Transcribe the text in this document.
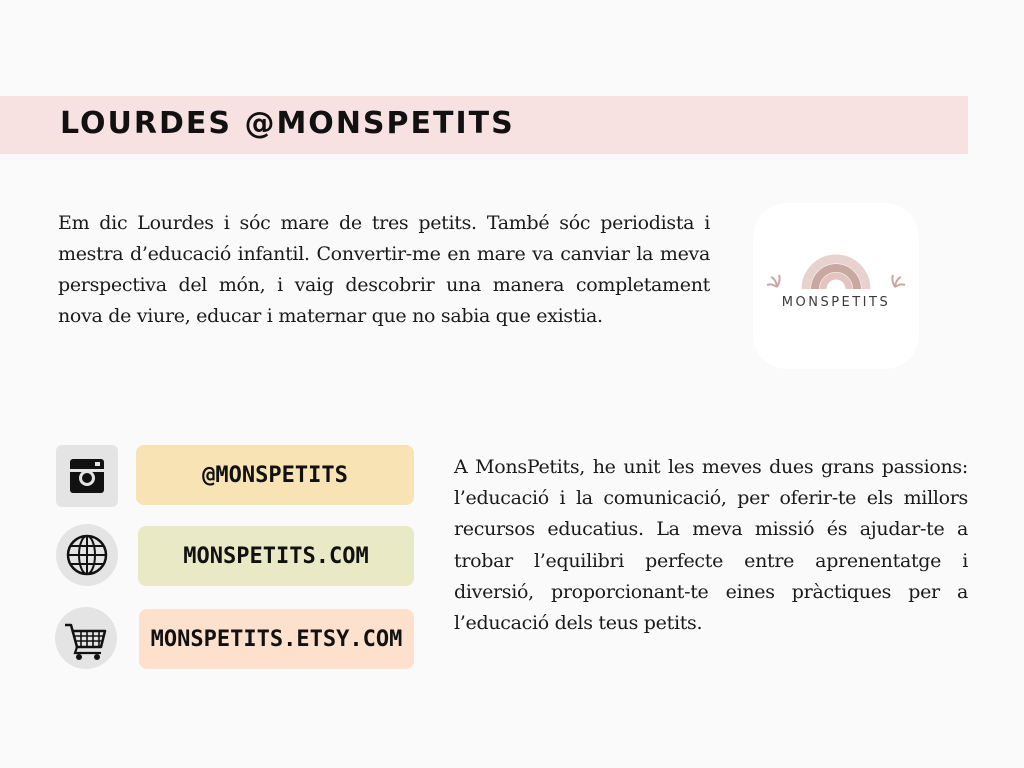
LOURDES @MONSPETITS

Em dic Lourdes i sóc mare de tres petits. També sóc periodista i mestra d’educació infantil. Convertir-me en mare va canviar la meva perspectiva del món, i vaig descobrir una manera completament nova de viure, educar i maternar que no sabia que existia.

MONSPETITS
@MONSPETITS
MONSPETITS.COM
MONSPETITS.ETSY.COM

A MonsPetits, he unit les meves dues grans passions: l’educació i la comunicació, per oferir-te els millors recursos educatius. La meva missió és ajudar-te a trobar l’equilibri perfecte entre aprenentatge i diversió, proporcionant-te eines pràctiques per a l’educació dels teus petits.
